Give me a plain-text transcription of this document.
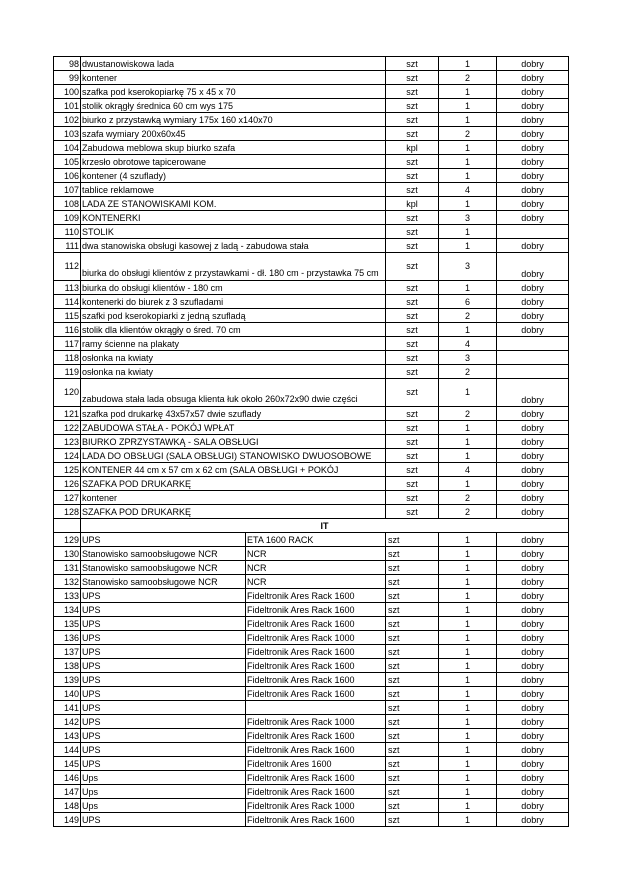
98	dwustanowiskowa lada		szt	1	dobry
99	kontener		szt	2	dobry
100	szafka pod kserokopiarkę 75 x 45 x 70		szt	1	dobry
101	stolik okrągły średnica 60 cm wys 175		szt	1	dobry
102	biurko z przystawką wymiary 175x 160 x140x70		szt	1	dobry
103	szafa wymiary 200x60x45		szt	2	dobry
104	Zabudowa meblowa skup biurko szafa		kpl	1	dobry
105	krzesło obrotowe tapicerowane		szt	1	dobry
106	kontener (4 szuflady)		szt	1	dobry
107	tablice reklamowe		szt	4	dobry
108	LADA ZE STANOWISKAMI KOM.		kpl	1	dobry
109	KONTENERKI		szt	3	dobry
110	STOLIK		szt	1	
111	dwa stanowiska obsługi kasowej z ladą - zabudowa stała		szt	1	dobry
112	biurka do obsługi klientów z przystawkami - dł. 180 cm - przystawka 75 cm		szt	3	dobry
113	biurka do obsługi klientów - 180 cm		szt	1	dobry
114	kontenerki do biurek z 3 szufladami		szt	6	dobry
115	szafki pod kserokopiarki z jedną szufladą		szt	2	dobry
116	stolik dla klientów okrągły o śred. 70 cm		szt	1	dobry
117	ramy ścienne na plakaty		szt	4	
118	osłonka na kwiaty		szt	3	
119	osłonka na kwiaty		szt	2	
120	zabudowa stała lada obsuga klienta łuk około 260x72x90 dwie części		szt	1	dobry
121	szafka pod drukarkę 43x57x57 dwie szuflady		szt	2	dobry
122	ZABUDOWA STAŁA - POKÓJ WPŁAT		szt	1	dobry
123	BIURKO ZPRZYSTAWKĄ - SALA OBSŁUGI		szt	1	dobry
124	LADA DO OBSŁUGI (SALA OBSŁUGI) STANOWISKO DWUOSOBOWE		szt	1	dobry
125	KONTENER 44 cm x 57 cm x 62 cm (SALA OBSŁUGI + POKÓJ		szt	4	dobry
126	SZAFKA POD DRUKARKĘ		szt	1	dobry
127	kontener		szt	2	dobry
128	SZAFKA POD DRUKARKĘ		szt	2	dobry
	IT				
129	UPS	ETA 1600 RACK	szt	1	dobry
130	Stanowisko samoobsługowe NCR	NCR	szt	1	dobry
131	Stanowisko samoobsługowe NCR	NCR	szt	1	dobry
132	Stanowisko samoobsługowe NCR	NCR	szt	1	dobry
133	UPS	Fideltronik Ares Rack 1600	szt	1	dobry
134	UPS	Fideltronik Ares Rack 1600	szt	1	dobry
135	UPS	Fideltronik Ares Rack 1600	szt	1	dobry
136	UPS	Fideltronik Ares Rack 1000	szt	1	dobry
137	UPS	Fideltronik Ares Rack 1600	szt	1	dobry
138	UPS	Fideltronik Ares Rack 1600	szt	1	dobry
139	UPS	Fideltronik Ares Rack 1600	szt	1	dobry
140	UPS	Fideltronik Ares Rack 1600	szt	1	dobry
141	UPS		szt	1	dobry
142	UPS	Fideltronik Ares Rack 1000	szt	1	dobry
143	UPS	Fideltronik Ares Rack 1600	szt	1	dobry
144	UPS	Fideltronik Ares Rack 1600	szt	1	dobry
145	UPS	Fideltronik Ares 1600	szt	1	dobry
146	Ups	Fideltronik Ares Rack 1600	szt	1	dobry
147	Ups	Fideltronik Ares Rack 1600	szt	1	dobry
148	Ups	Fideltronik Ares Rack 1000	szt	1	dobry
149	UPS	Fideltronik Ares Rack 1600	szt	1	dobry
